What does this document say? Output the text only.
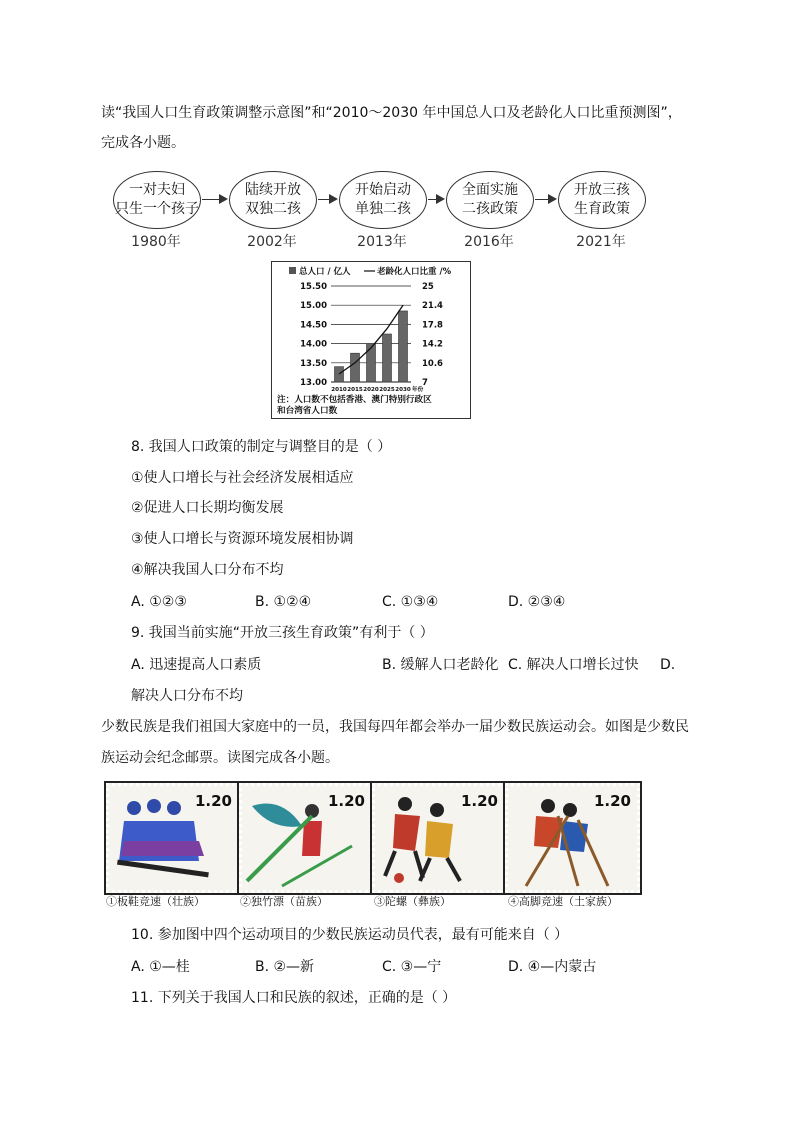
读“我国人口生育政策调整示意图”和“2010～2030 年中国总人口及老龄化人口比重预测图”，
完成各小题。
一对夫妇
只生一个孩子
陆续开放
双独二孩
开始启动
单独二孩
全面实施
二孩政策
开放三孩
生育政策
1980年	2002年	2013年	2016年	2021年
总人口 / 亿人	老龄化人口比重 /%
15.50	25
15.00	21.4
14.50	17.8
14.00	14.2
13.50	10.6
13.00	7
2010 2015 2020 2025 2030 年份
注：人口数不包括香港、澳门特别行政区
和台湾省人口数
8. 我国人口政策的制定与调整目的是（ ）
①使人口增长与社会经济发展相适应
②促进人口长期均衡发展
③使人口增长与资源环境发展相协调
④解决我国人口分布不均
A. ①②③	B. ①②④	C. ①③④	D. ②③④
9. 我国当前实施“开放三孩生育政策”有利于（ ）
A. 迅速提高人口素质	B. 缓解人口老龄化 C. 解决人口增长过快 D.
解决人口分布不均
少数民族是我们祖国大家庭中的一员，我国每四年都会举办一届少数民族运动会。如图是少数民
族运动会纪念邮票。读图完成各小题。
1.20	1.20	1.20	1.20
①板鞋竞速（壮族）	②独竹漂（苗族）	③陀螺（彝族）	④高脚竞速（土家族）
10. 参加图中四个运动项目的少数民族运动员代表，最有可能来自（ ）
A. ①—桂	B. ②—新	C. ③—宁	D. ④—内蒙古
11. 下列关于我国人口和民族的叙述，正确的是（ ）
